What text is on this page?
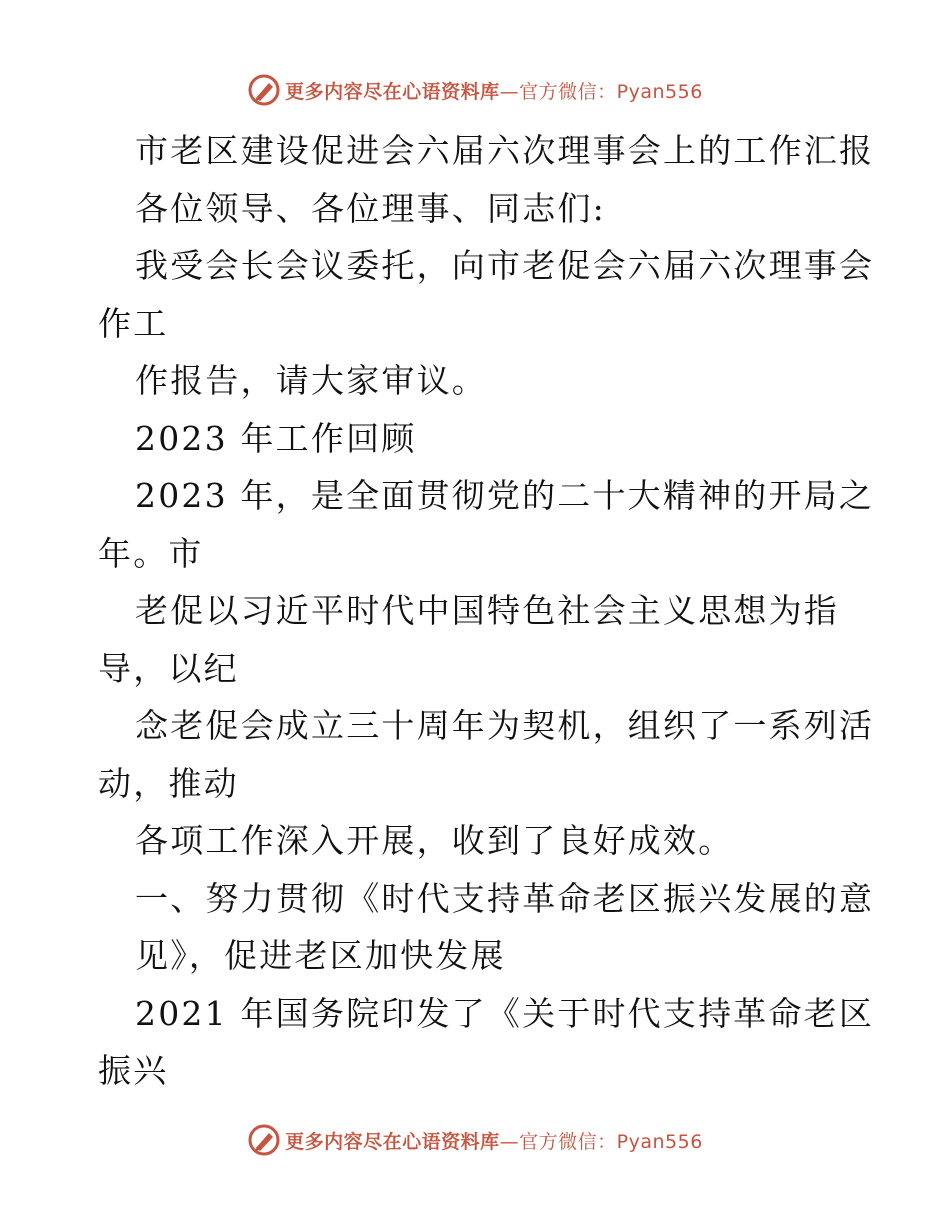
更多内容尽在心语资料库—官方微信：Pyan556
市老区建设促进会六届六次理事会上的工作汇报
各位领导、各位理事、同志们:
我受会长会议委托，向市老促会六届六次理事会
作工
作报告，请大家审议。
2023 年工作回顾
2023 年，是全面贯彻党的二十大精神的开局之
年。市
老促以习近平时代中国特色社会主义思想为指
导，以纪
念老促会成立三十周年为契机，组织了一系列活
动，推动
各项工作深入开展，收到了良好成效。
一、努力贯彻《时代支持革命老区振兴发展的意
见》，促进老区加快发展
2021 年国务院印发了《关于时代支持革命老区
振兴
更多内容尽在心语资料库—官方微信：Pyan556
